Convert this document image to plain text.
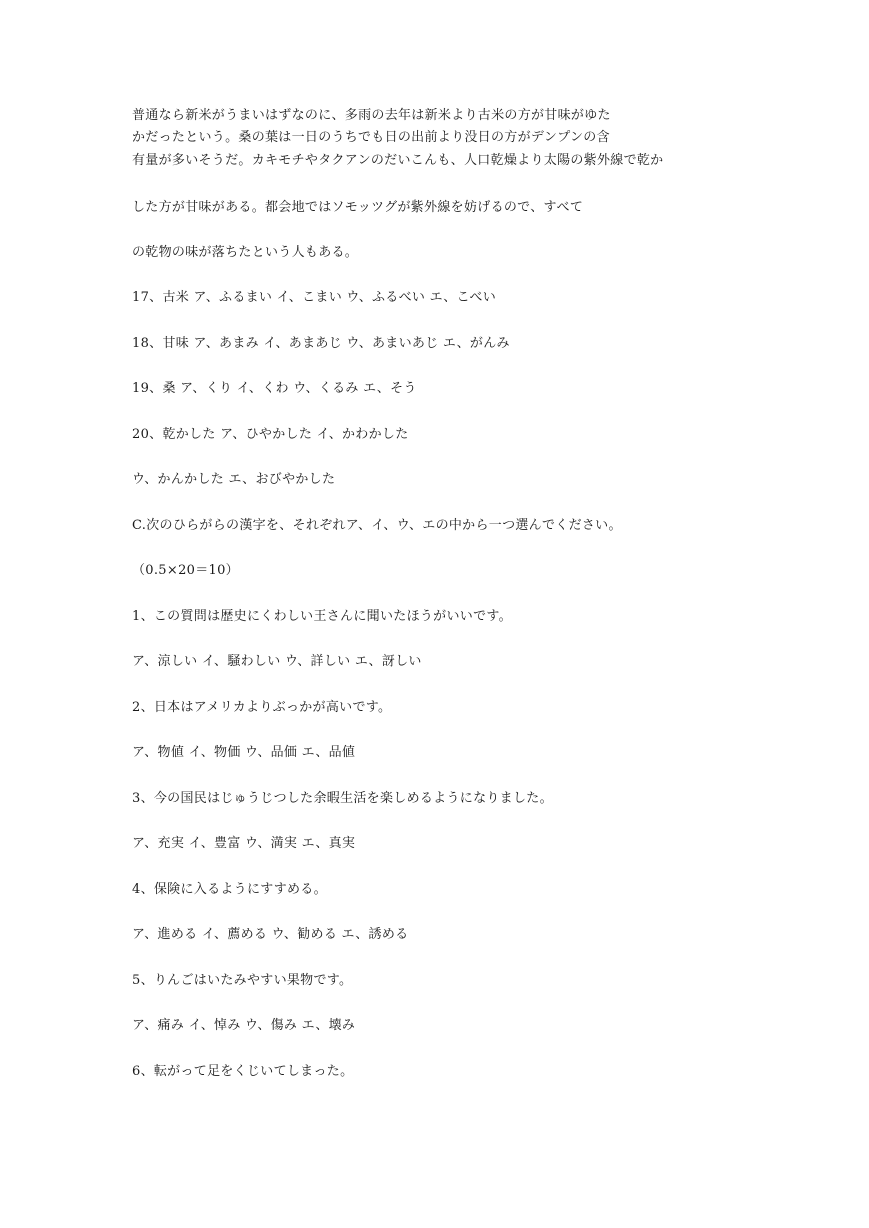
普通なら新米がうまいはずなのに、多雨の去年は新米より古米の方が甘味がゆた
かだったという。桑の葉は一日のうちでも日の出前より没日の方がデンプンの含
有量が多いそうだ。カキモチやタクアンのだいこんも、人口乾燥より太陽の紫外線で乾か
した方が甘味がある。都会地ではソモッツグが紫外線を妨げるので、すべて
の乾物の味が落ちたという人もある。
17、古米 ア、ふるまい イ、こまい ウ、ふるべい エ、こべい
18、甘味 ア、あまみ イ、あまあじ ウ、あまいあじ エ、がんみ
19、桑 ア、くり イ、くわ ウ、くるみ エ、そう
20、乾かした ア、ひやかした イ、かわかした
ウ、かんかした エ、おびやかした
C.次のひらがらの漢字を、それぞれア、イ、ウ、エの中から一つ選んでください。
（0.5×20＝10）
1、この質問は歴史にくわしい王さんに聞いたほうがいいです。
ア、涼しい イ、騒わしい ウ、詳しい エ、訝しい
2、日本はアメリカよりぶっかが高いです。
ア、物値 イ、物価 ウ、品価 エ、品値
3、今の国民はじゅうじつした余暇生活を楽しめるようになりました。
ア、充実 イ、豊富 ウ、満実 エ、真実
4、保険に入るようにすすめる。
ア、進める イ、薦める ウ、勧める エ、誘める
5、りんごはいたみやすい果物です。
ア、痛み イ、悼み ウ、傷み エ、壊み
6、転がって足をくじいてしまった。
